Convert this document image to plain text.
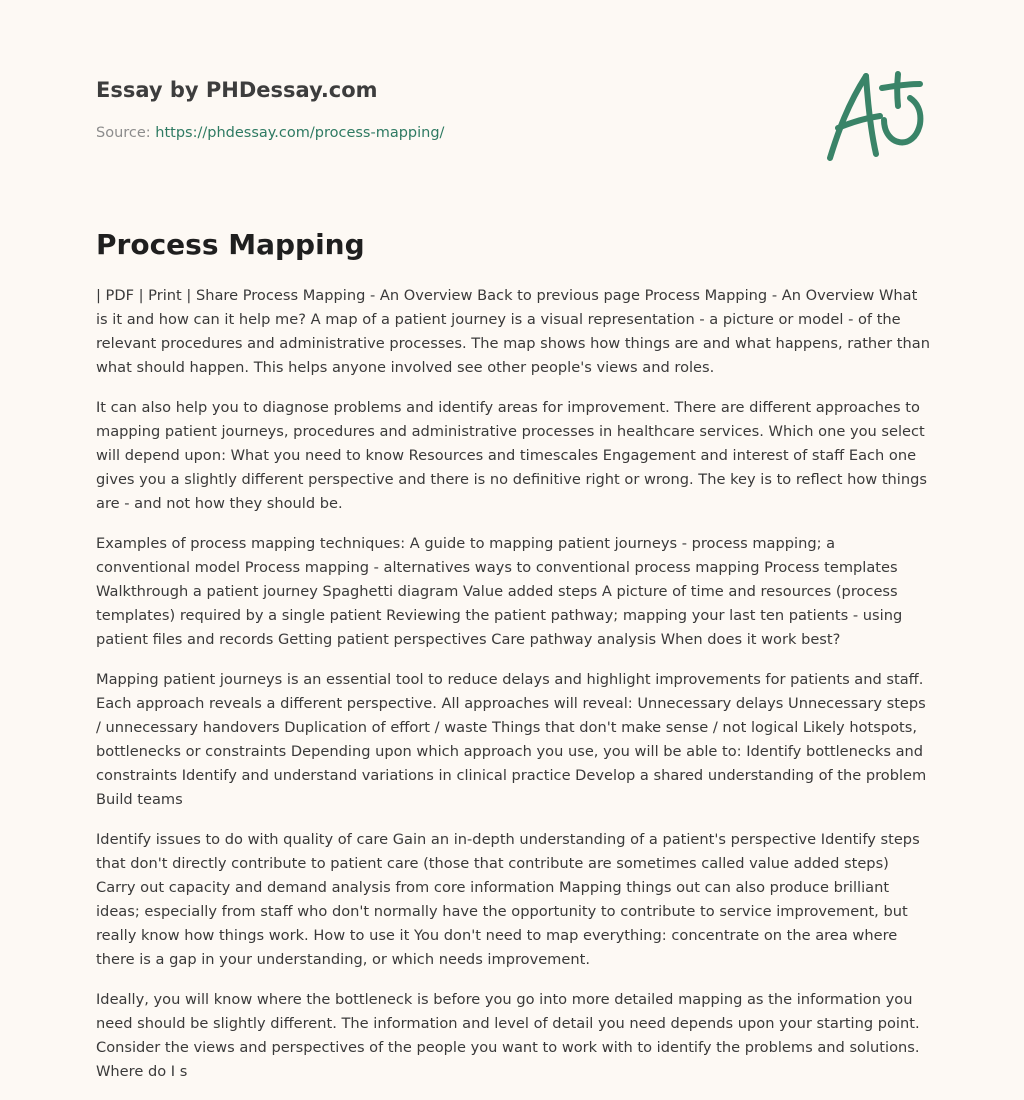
Essay by PHDessay.com
Source: https://phdessay.com/process-mapping/
Process Mapping

| PDF | Print | Share Process Mapping - An Overview Back to previous page Process Mapping - An Overview What is it and how can it help me? A map of a patient journey is a visual representation - a picture or model - of the relevant procedures and administrative processes. The map shows how things are and what happens, rather than what should happen. This helps anyone involved see other people's views and roles.

It can also help you to diagnose problems and identify areas for improvement. There are different approaches to mapping patient journeys, procedures and administrative processes in healthcare services. Which one you select will depend upon: What you need to know Resources and timescales Engagement and interest of staff Each one gives you a slightly different perspective and there is no definitive right or wrong. The key is to reflect how things are - and not how they should be.

Examples of process mapping techniques: A guide to mapping patient journeys - process mapping; a conventional model Process mapping - alternatives ways to conventional process mapping Process templates Walkthrough a patient journey Spaghetti diagram Value added steps A picture of time and resources (process templates) required by a single patient Reviewing the patient pathway; mapping your last ten patients - using patient files and records Getting patient perspectives Care pathway analysis When does it work best?

Mapping patient journeys is an essential tool to reduce delays and highlight improvements for patients and staff. Each approach reveals a different perspective. All approaches will reveal: Unnecessary delays Unnecessary steps / unnecessary handovers Duplication of effort / waste Things that don't make sense / not logical Likely hotspots, bottlenecks or constraints Depending upon which approach you use, you will be able to: Identify bottlenecks and constraints Identify and understand variations in clinical practice Develop a shared understanding of the problem Build teams

Identify issues to do with quality of care Gain an in-depth understanding of a patient's perspective Identify steps that don't directly contribute to patient care (those that contribute are sometimes called value added steps) Carry out capacity and demand analysis from core information Mapping things out can also produce brilliant ideas; especially from staff who don't normally have the opportunity to contribute to service improvement, but really know how things work. How to use it You don't need to map everything: concentrate on the area where there is a gap in your understanding, or which needs improvement.

Ideally, you will know where the bottleneck is before you go into more detailed mapping as the information you need should be slightly different. The information and level of detail you need depends upon your starting point. Consider the views and perspectives of the people you want to work with to identify the problems and solutions. Where do I s
